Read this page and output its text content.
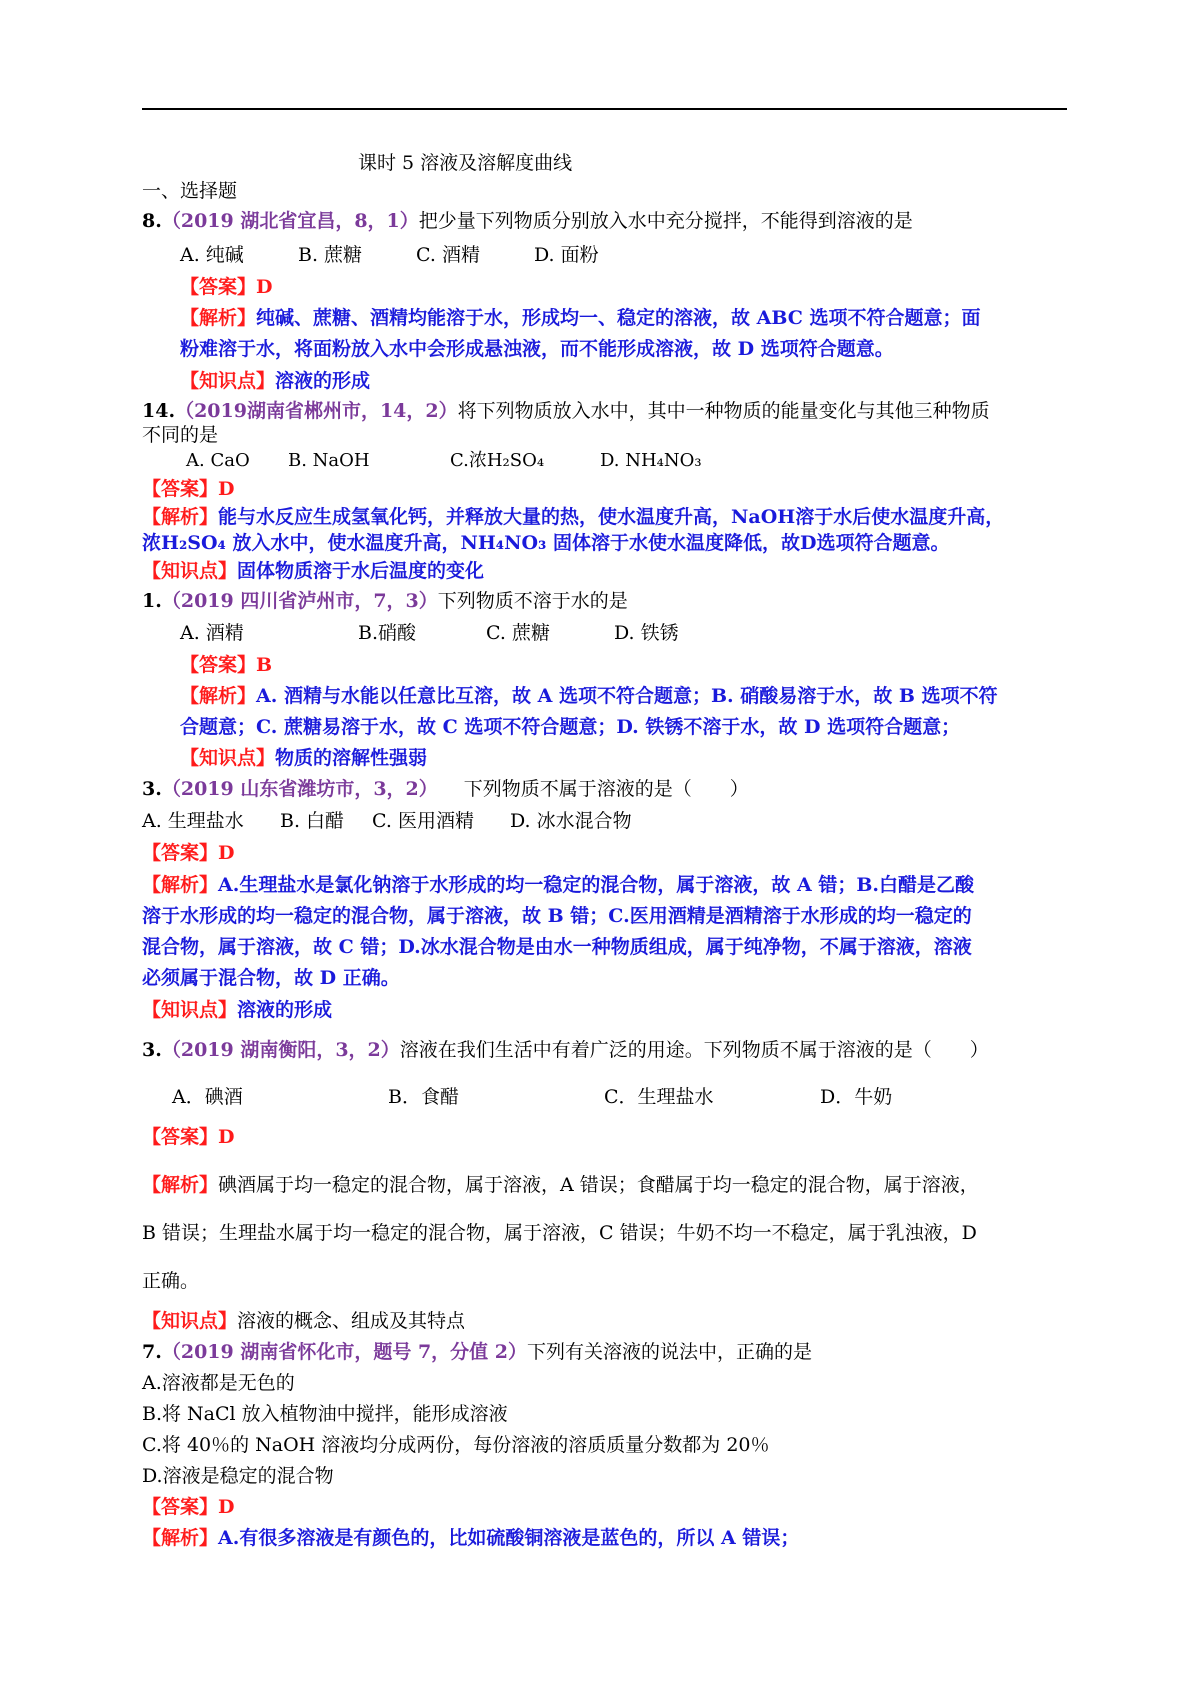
课时 5 溶液及溶解度曲线
一、选择题
8.（2019 湖北省宜昌，8，1）把少量下列物质分别放入水中充分搅拌，不能得到溶液的是
A. 纯碱	B. 蔗糖	C. 酒精	D. 面粉
【答案】D
【解析】纯碱、蔗糖、酒精均能溶于水，形成均一、稳定的溶液，故 ABC 选项不符合题意；面
粉难溶于水，将面粉放入水中会形成悬浊液，而不能形成溶液，故 D 选项符合题意。
【知识点】溶液的形成
14.（2019湖南省郴州市，14，2）将下列物质放入水中，其中一种物质的能量变化与其他三种物质
不同的是
A. CaO B. NaOH	C.浓H₂SO₄	D. NH₄NO₃
【答案】D
【解析】能与水反应生成氢氧化钙，并释放大量的热，使水温度升高，NaOH溶于水后使水温度升高，
浓H₂SO₄ 放入水中，使水温度升高，NH₄NO₃ 固体溶于水使水温度降低，故D选项符合题意。
【知识点】固体物质溶于水后温度的变化
1.（2019 四川省泸州市，7，3）下列物质不溶于水的是
A. 酒精	B.硝酸	C. 蔗糖	D. 铁锈
【答案】B
【解析】A. 酒精与水能以任意比互溶，故 A 选项不符合题意；B. 硝酸易溶于水，故 B 选项不符
合题意；C. 蔗糖易溶于水，故 C 选项不符合题意；D. 铁锈不溶于水，故 D 选项符合题意；
【知识点】物质的溶解性强弱
3.（2019 山东省潍坊市，3，2） 下列物质不属于溶液的是（　　）
A. 生理盐水 B. 白醋 C. 医用酒精 D. 冰水混合物
【答案】D
【解析】A.生理盐水是氯化钠溶于水形成的均一稳定的混合物，属于溶液，故 A 错；B.白醋是乙酸
溶于水形成的均一稳定的混合物，属于溶液，故 B 错；C.医用酒精是酒精溶于水形成的均一稳定的
混合物，属于溶液，故 C 错；D.冰水混合物是由水一种物质组成，属于纯净物，不属于溶液，溶液
必须属于混合物，故 D 正确。
【知识点】溶液的形成
3.（2019 湖南衡阳，3，2）溶液在我们生活中有着广泛的用途。下列物质不属于溶液的是（　　）
A．碘酒	B．食醋	C．生理盐水	D．牛奶
【答案】D
【解析】碘酒属于均一稳定的混合物，属于溶液，A 错误；食醋属于均一稳定的混合物，属于溶液，
B 错误；生理盐水属于均一稳定的混合物，属于溶液，C 错误；牛奶不均一不稳定，属于乳浊液，D
正确。
【知识点】溶液的概念、组成及其特点
7.（2019 湖南省怀化市，题号 7，分值 2）下列有关溶液的说法中，正确的是
A.溶液都是无色的
B.将 NaCl 放入植物油中搅拌，能形成溶液
C.将 40％的 NaOH 溶液均分成两份，每份溶液的溶质质量分数都为 20％
D.溶液是稳定的混合物
【答案】D
【解析】A.有很多溶液是有颜色的，比如硫酸铜溶液是蓝色的，所以 A 错误；
